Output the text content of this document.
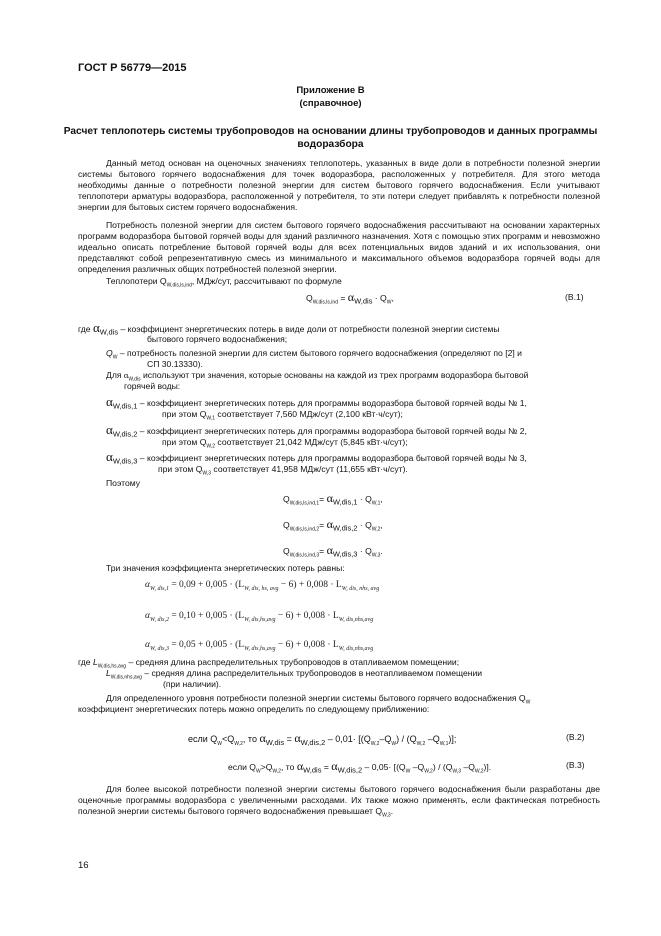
ГОСТ Р 56779—2015
Приложение В
(справочное)
Расчет теплопотерь системы трубопроводов на основании длины трубопроводов и данных программы водоразбора
Данный метод основан на оценочных значениях теплопотерь, указанных в виде доли в потребности полезной энергии системы бытового горячего водоснабжения для точек водоразбора, расположенных у потребителя. Для этого метода необходимы данные о потребности полезной энергии для систем бытового горячего водоснабжения. Если учитывают теплопотери арматуры водоразбора, расположенной у потребителя, то эти потери следует прибавлять к потребности полезной энергии для бытовых систем горячего водоснабжения.
Потребность полезной энергии для систем бытового горячего водоснабжения рассчитывают на основании характерных программ водоразбора бытовой горячей воды для зданий различного назначения. Хотя с помощью этих программ и невозможно идеально описать потребление бытовой горячей воды для всех потенциальных видов зданий и их использования, они представляют собой репрезентативную смесь из минимального и максимального объемов водоразбора горячей воды для определения различных общих потребностей полезной энергии.
Теплопотери $Q_{W,dis,ls,ind}$, МДж/сут, рассчитывают по формуле
$Q_{W,dis,ls,ind} = \alpha_{W,dis} \cdot Q_W$,	(В.1)
где $\alpha_{W,dis}$ – коэффициент энергетических потерь в виде доли от потребности полезной энергии системы
бытового горячего водоснабжения;
$Q_W$ – потребность полезной энергии для систем бытового горячего водоснабжения (определяют по [2] и
СП 30.13330).
Для $\alpha_{W,dis}$ используют три значения, которые основаны на каждой из трех программ водоразбора бытовой
горячей воды:
$\alpha_{W,dis,1}$ – коэффициент энергетических потерь для программы водоразбора бытовой горячей воды № 1,
при этом $Q_{W,1}$ соответствует 7,560 МДж/сут (2,100 кВт·ч/сут);
$\alpha_{W,dis,2}$ – коэффициент энергетических потерь для программы водоразбора бытовой горячей воды № 2,
при этом $Q_{W,2}$ соответствует 21,042 МДж/сут (5,845 кВт·ч/сут);
$\alpha_{W,dis,3}$ – коэффициент энергетических потерь для программы водоразбора бытовой горячей воды № 3,
при этом $Q_{W,3}$ соответствует 41,958 МДж/сут (11,655 кВт·ч/сут).
Поэтому
$Q_{W,dis,ls,ind,1}= \alpha_{W,dis,1} \cdot Q_{W,1}$,
$Q_{W,dis,ls,ind,2}= \alpha_{W,dis,2} \cdot Q_{W,2}$,
$Q_{W,dis,ls,ind,3}= \alpha_{W,dis,3} \cdot Q_{W,3}$.
Три значения коэффициента энергетических потерь равны:
$\alpha_{W, dis,1} = 0,09 + 0,005 \cdot (L_{W, dis, hs, avg} - 6) + 0,008 \cdot L_{W, dis, nhs, avg}$
$\alpha_{W, dis,2} = 0,10 + 0,005 \cdot (L_{W, dis,hs,avg} - 6) + 0,008 \cdot L_{W, dis,nhs,avg}$
$\alpha_{W, dis,3} = 0,05 + 0,005 \cdot (L_{W, dis,hs,avg} - 6) + 0,008 \cdot L_{W, dis,nhs,avg}$
где $L_{W,dis,hs,avg}$ – средняя длина распределительных трубопроводов в отапливаемом помещении;
$L_{W,dis,nhs,avg}$ – средняя длина распределительных трубопроводов в неотапливаемом помещении
(при наличии).
Для определенного уровня потребности полезной энергии системы бытового горячего водоснабжения $Q_W$
коэффициент энергетических потерь можно определить по следующему приближению:
если $Q_W<Q_{W,2}$, то $\alpha_{W,dis} = \alpha_{W,dis,2} - 0,01\cdot [(Q_{W,2}-Q_W) / (Q_{W,2}$ $-Q_{W,1}$)];	(В.2)
если $Q_W>Q_{W,2}$, то $\alpha_{W,dis} = \alpha_{W,dis,2} - 0,05\cdot [(Q_W$ $-Q_{W,2}) / (Q_{W,3}$ $-Q_{W,2}$)].	(В.3)
Для более высокой потребности полезной энергии системы бытового горячего водоснабжения были разработаны две оценочные программы водоразбора с увеличенными расходами. Их также можно применять, если фактическая потребность полезной энергии системы бытового горячего водоснабжения превышает $Q_{W,3}$.
16
